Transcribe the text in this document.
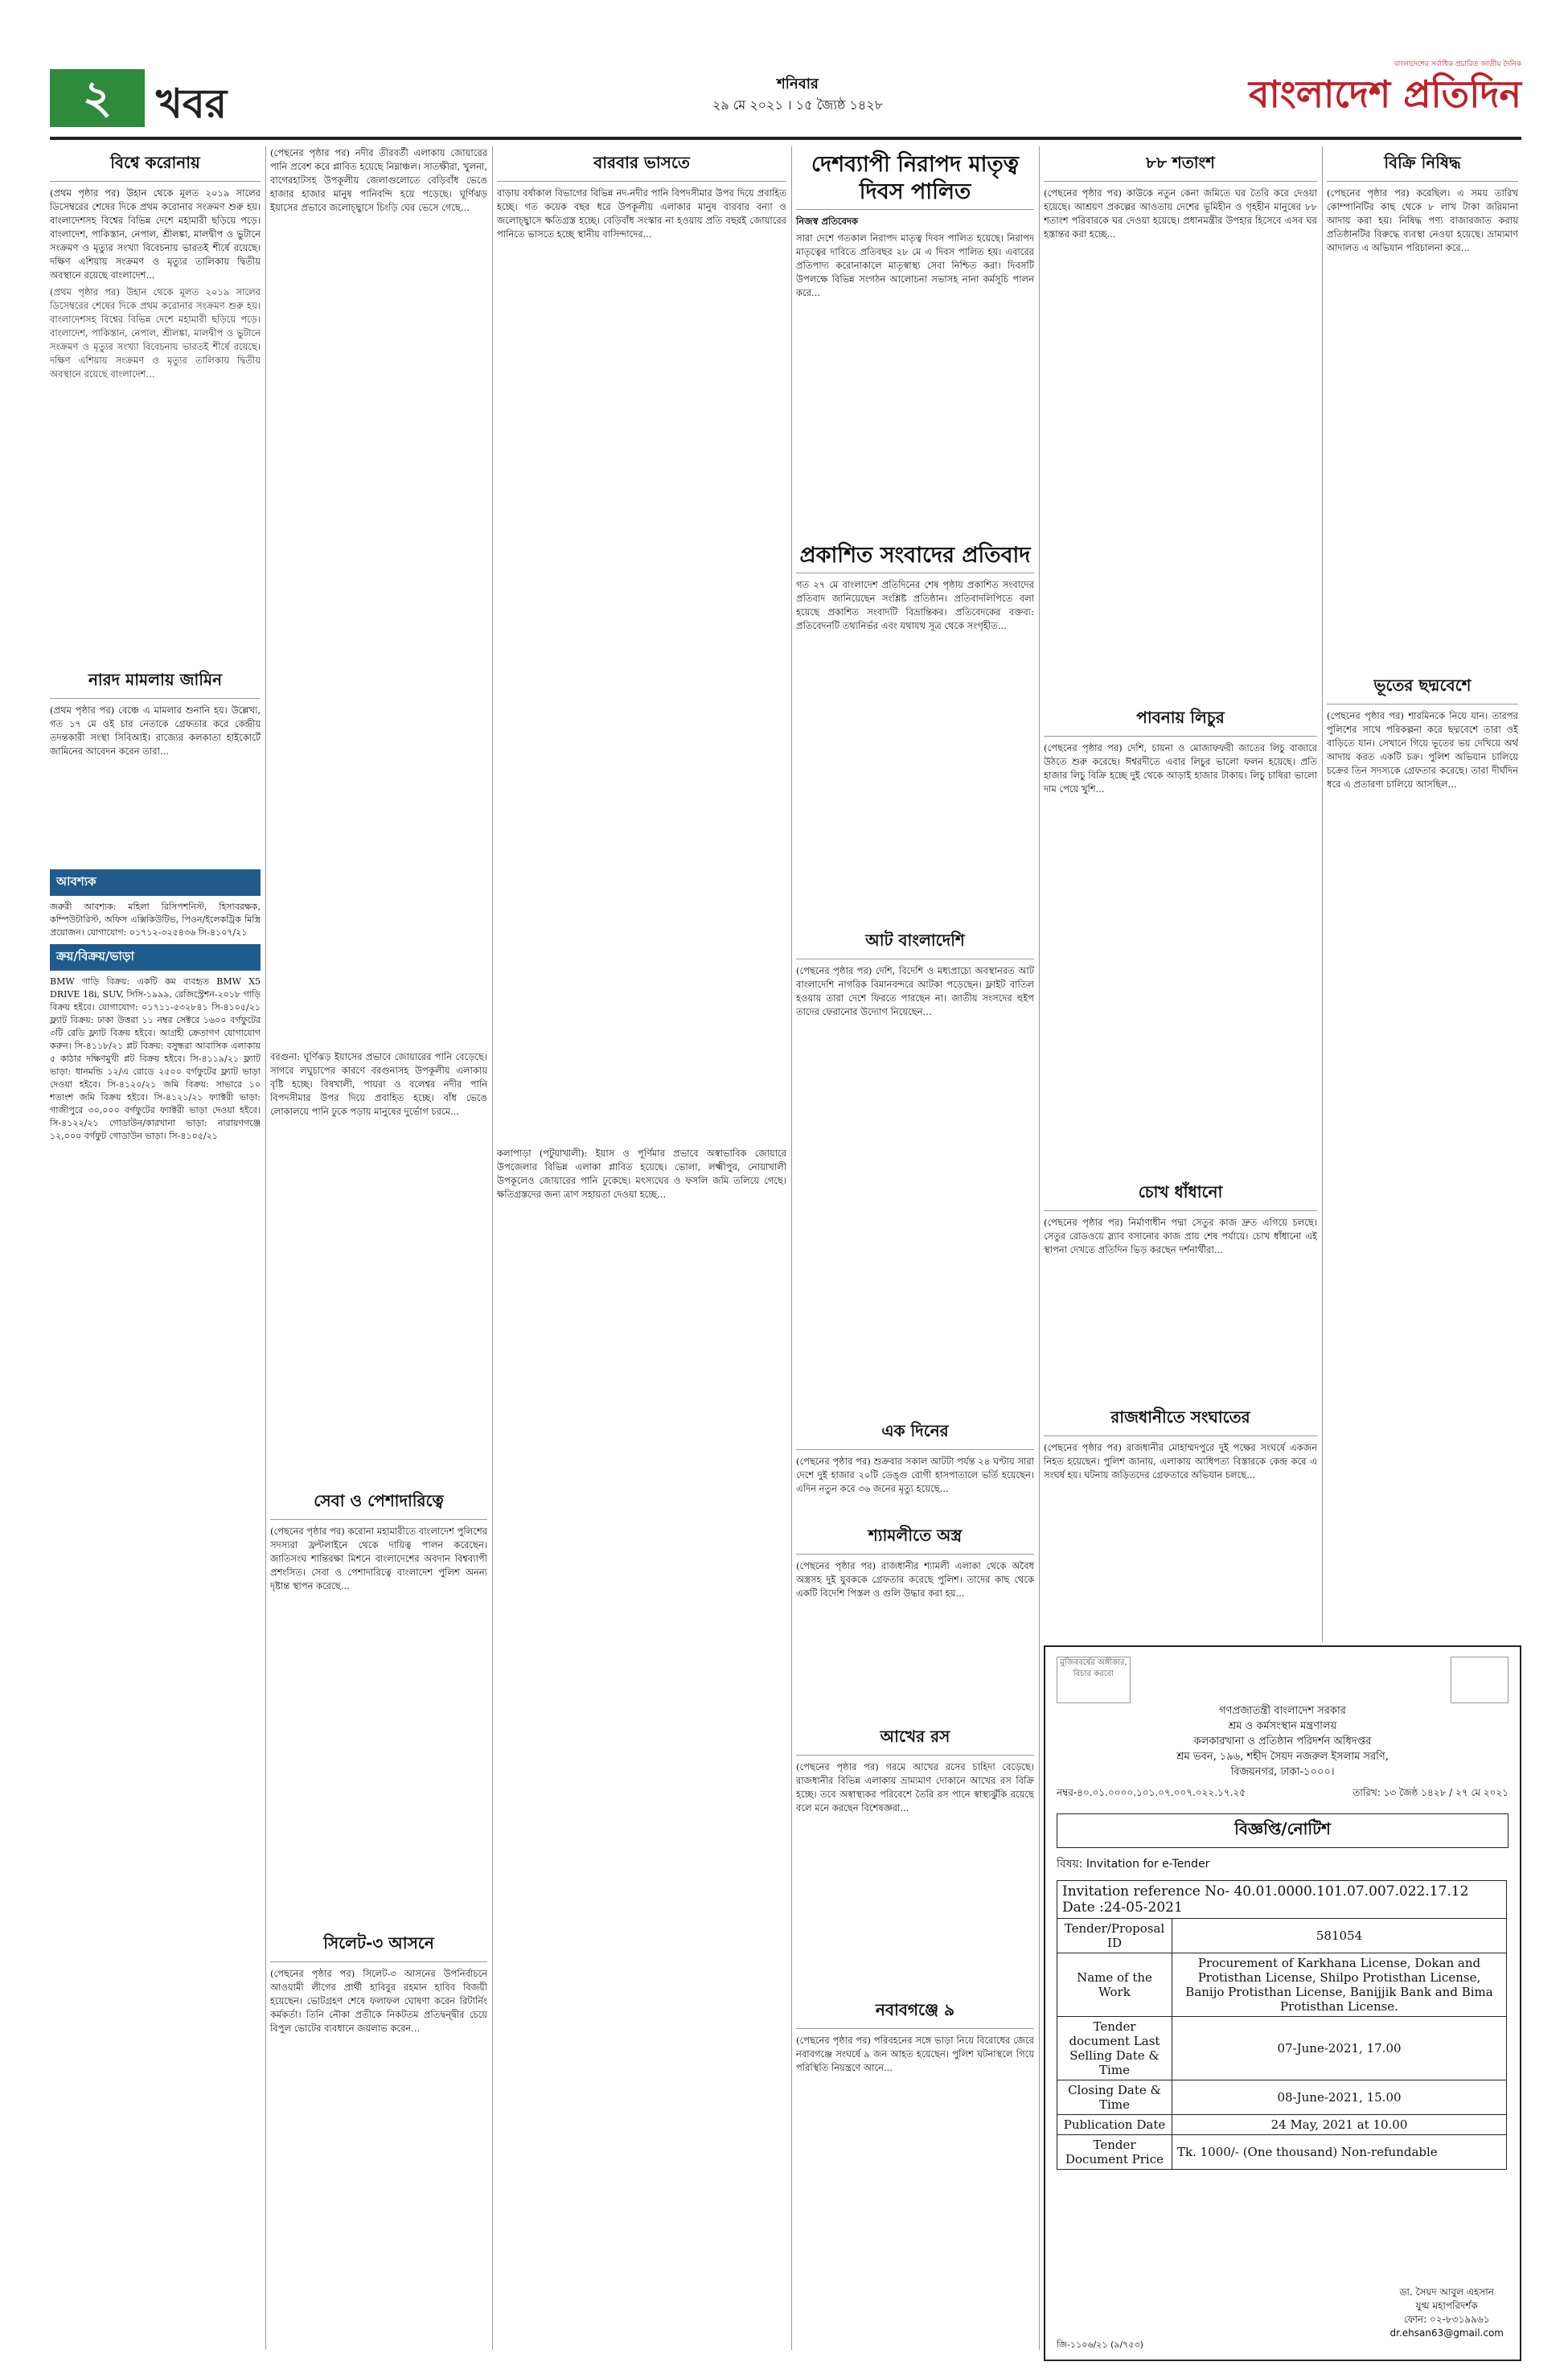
২	খবর	শনিবার
২৯ মে ২০২১ । ১৫ জ্যৈষ্ঠ ১৪২৮
বাংলাদেশের সর্বাধিক প্রচারিত জাতীয় দৈনিক
বাংলাদেশ প্রতিদিন
বিশ্বে করোনায়

(প্রথম পৃষ্ঠার পর) উহান থেকে মূলত ২০১৯ সালের ডিসেম্বরের শেষের দিকে প্রথম করোনার সংক্রমণ শুরু হয়। বাংলাদেশসহ বিশ্বের বিভিন্ন দেশে মহামারী ছড়িয়ে পড়ে। বাংলাদেশ, পাকিস্তান, নেপাল, শ্রীলঙ্কা, মালদ্বীপ ও ভুটানে সংক্রমণ ও মৃত্যুর সংখ্যা বিবেচনায় ভারতই শীর্ষে রয়েছে। দক্ষিণ এশিয়ায় সংক্রমণ ও মৃত্যুর তালিকায় দ্বিতীয় অবস্থানে রয়েছে বাংলাদেশ...

(প্রথম পৃষ্ঠার পর) উহান থেকে মূলত ২০১৯ সালের ডিসেম্বরের শেষের দিকে প্রথম করোনার সংক্রমণ শুরু হয়। বাংলাদেশসহ বিশ্বের বিভিন্ন দেশে মহামারী ছড়িয়ে পড়ে। বাংলাদেশ, পাকিস্তান, নেপাল, শ্রীলঙ্কা, মালদ্বীপ ও ভুটানে সংক্রমণ ও মৃত্যুর সংখ্যা বিবেচনায় ভারতই শীর্ষে রয়েছে। দক্ষিণ এশিয়ায় সংক্রমণ ও মৃত্যুর তালিকায় দ্বিতীয় অবস্থানে রয়েছে বাংলাদেশ...

নারদ মামলায় জামিন

(প্রথম পৃষ্ঠার পর) বেঞ্চে এ মামলার শুনানি হয়। উল্লেখ্য, গত ১৭ মে ওই চার নেতাকে গ্রেফতার করে কেন্দ্রীয় তদন্তকারী সংস্থা সিবিআই। রাজ্যের কলকাতা হাইকোর্টে জামিনের আবেদন করেন তারা...

আবশ্যক

জরুরী আবশ্যক: মহিলা রিসিপশনিস্ট, হিসাবরক্ষক, কম্পিউটারিস্ট, অফিস এক্সিকিউটিভ, পিওন/ইলেকট্রিক মিস্ত্রি প্রয়োজন। যোগাযোগ: ০১৭১২-৩২৫৪৩৬ সি-৪১০৭/২১

ক্রয়/বিক্রয়/ভাড়া

BMW গাড়ি বিক্রয়: একটি কম ব্যবহৃত BMW X5 DRIVE 18i, SUV, সিসি-১৯৯৯, রেজিস্ট্রেশন-২০১৮ গাড়ি বিক্রয় হইবে। যোগাযোগ: ০১৭১১-৫৩২৮৪১ সি-৪১০৫/২১ ফ্ল্যাট বিক্রয়: ঢাকা উত্তরা ১১ নম্বর সেক্টরে ১৬০০ বর্গফুটের ৩টি রেডি ফ্ল্যাট বিক্রয় হইবে। আগ্রহী ক্রেতাগণ যোগাযোগ করুন। সি-৪১১৮/২১ প্লট বিক্রয়: বসুন্ধরা আবাসিক এলাকায় ৫ কাঠার দক্ষিণমুখী প্লট বিক্রয় হইবে। সি-৪১১৯/২১ ফ্ল্যাট ভাড়া: ধানমন্ডি ১২/এ রোডে ২৫০০ বর্গফুটের ফ্ল্যাট ভাড়া দেওয়া হইবে। সি-৪১২০/২১ জমি বিক্রয়: সাভারে ১০ শতাংশ জমি বিক্রয় হইবে। সি-৪১২১/২১ ফ্যাক্টরী ভাড়া: গাজীপুরে ৩০,০০০ বর্গফুটের ফ্যাক্টরী ভাড়া দেওয়া হইবে। সি-৪১২২/২১ গোডাউন/কারখানা ভাড়া: নারায়ণগঞ্জে ১২,০০০ বর্গফুট গোডাউন ভাড়া। সি-৪১০৫/২১

(পেছনের পৃষ্ঠার পর) নদীর তীরবর্তী এলাকায় জোয়ারের পানি প্রবেশ করে প্লাবিত হয়েছে নিম্নাঞ্চল। সাতক্ষীরা, খুলনা, বাগেরহাটসহ উপকূলীয় জেলাগুলোতে বেড়িবাঁধ ভেঙে হাজার হাজার মানুষ পানিবন্দি হয়ে পড়েছে। ঘূর্ণিঝড় ইয়াসের প্রভাবে জলোচ্ছ্বাসে চিংড়ি ঘের ভেসে গেছে...

বরগুনা: ঘূর্ণিঝড় ইয়াসের প্রভাবে জোয়ারের পানি বেড়েছে। সাগরে লঘুচাপের কারণে বরগুনাসহ উপকূলীয় এলাকায় বৃষ্টি হচ্ছে। বিষখালী, পায়রা ও বলেশ্বর নদীর পানি বিপদসীমার উপর দিয়ে প্রবাহিত হচ্ছে। বাঁধ ভেঙে লোকালয়ে পানি ঢুকে পড়ায় মানুষের দুর্ভোগ চরমে...

সেবা ও পেশাদারিত্বে

(পেছনের পৃষ্ঠার পর) করোনা মহামারীতে বাংলাদেশ পুলিশের সদস্যরা ফ্রন্টলাইনে থেকে দায়িত্ব পালন করেছেন। জাতিসংঘ শান্তিরক্ষা মিশনে বাংলাদেশের অবদান বিশ্বব্যাপী প্রশংসিত। সেবা ও পেশাদারিত্বে বাংলাদেশ পুলিশ অনন্য দৃষ্টান্ত স্থাপন করেছে...

সিলেট-৩ আসনে

(পেছনের পৃষ্ঠার পর) সিলেট-৩ আসনের উপনির্বাচনে আওয়ামী লীগের প্রার্থী হাবিবুর রহমান হাবিব বিজয়ী হয়েছেন। ভোটগ্রহণ শেষে ফলাফল ঘোষণা করেন রিটার্নিং কর্মকর্তা। তিনি নৌকা প্রতীকে নিকটতম প্রতিদ্বন্দ্বীর চেয়ে বিপুল ভোটের ব্যবধানে জয়লাভ করেন...

বারবার ভাসতে

বাড়ায় বর্ষাকাল বিভাগের বিভিন্ন নদ-নদীর পানি বিপদসীমার উপর দিয়ে প্রবাহিত হচ্ছে। গত কয়েক বছর ধরে উপকূলীয় এলাকার মানুষ বারবার বন্যা ও জলোচ্ছ্বাসে ক্ষতিগ্রস্ত হচ্ছে। বেড়িবাঁধ সংস্কার না হওয়ায় প্রতি বছরই জোয়ারের পানিতে ভাসতে হচ্ছে স্থানীয় বাসিন্দাদের...

কলাপাড়া (পটুয়াখালী): ইয়াস ও পূর্ণিমার প্রভাবে অস্বাভাবিক জোয়ারে উপজেলার বিভিন্ন এলাকা প্লাবিত হয়েছে। ভোলা, লক্ষ্মীপুর, নোয়াখালী উপকূলেও জোয়ারের পানি ঢুকেছে। মৎস্যঘের ও ফসলি জমি তলিয়ে গেছে। ক্ষতিগ্রস্তদের জন্য ত্রাণ সহায়তা দেওয়া হচ্ছে...

দেশব্যাপী নিরাপদ মাতৃত্ব দিবস পালিত

নিজস্ব প্রতিবেদক

সারা দেশে গতকাল নিরাপদ মাতৃত্ব দিবস পালিত হয়েছে। নিরাপদ মাতৃত্বের দাবিতে প্রতিবছর ২৮ মে এ দিবস পালিত হয়। এবারের প্রতিপাদ্য করোনাকালে মাতৃস্বাস্থ্য সেবা নিশ্চিত করা। দিবসটি উপলক্ষে বিভিন্ন সংগঠন আলোচনা সভাসহ নানা কর্মসূচি পালন করে...

প্রকাশিত সংবাদের প্রতিবাদ

গত ২৭ মে বাংলাদেশ প্রতিদিনের শেষ পৃষ্ঠায় প্রকাশিত সংবাদের প্রতিবাদ জানিয়েছেন সংশ্লিষ্ট প্রতিষ্ঠান। প্রতিবাদলিপিতে বলা হয়েছে প্রকাশিত সংবাদটি বিভ্রান্তিকর। প্রতিবেদকের বক্তব্য: প্রতিবেদনটি তথ্যনির্ভর এবং যথাযথ সূত্র থেকে সংগৃহীত...

আট বাংলাদেশি

(পেছনের পৃষ্ঠার পর) দেশি, বিদেশি ও মধ্যপ্রাচ্যে অবস্থানরত আট বাংলাদেশি নাগরিক বিমানবন্দরে আটকা পড়েছেন। ফ্লাইট বাতিল হওয়ায় তারা দেশে ফিরতে পারছেন না। জাতীয় সংসদের হুইপ তাদের ফেরানোর উদ্যোগ নিয়েছেন...

এক দিনের

(পেছনের পৃষ্ঠার পর) শুক্রবার সকাল আটটা পর্যন্ত ২৪ ঘণ্টায় সারা দেশে দুই হাজার ২০টি ডেঙ্গু রোগী হাসপাতালে ভর্তি হয়েছেন। এদিন নতুন করে ৩৬ জনের মৃত্যু হয়েছে...

শ্যামলীতে অস্ত্র

(পেছনের পৃষ্ঠার পর) রাজধানীর শ্যামলী এলাকা থেকে অবৈধ অস্ত্রসহ দুই যুবককে গ্রেফতার করেছে পুলিশ। তাদের কাছ থেকে একটি বিদেশি পিস্তল ও গুলি উদ্ধার করা হয়...

আখের রস

(পেছনের পৃষ্ঠার পর) গরমে আখের রসের চাহিদা বেড়েছে। রাজধানীর বিভিন্ন এলাকায় ভ্রাম্যমাণ দোকানে আখের রস বিক্রি হচ্ছে। তবে অস্বাস্থ্যকর পরিবেশে তৈরি রস পানে স্বাস্থ্যঝুঁকি রয়েছে বলে মনে করছেন বিশেষজ্ঞরা...

নবাবগঞ্জে ৯

(পেছনের পৃষ্ঠার পর) পরিবহনের সঙ্গে ভাড়া নিয়ে বিরোধের জেরে নবাবগঞ্জে সংঘর্ষে ৯ জন আহত হয়েছেন। পুলিশ ঘটনাস্থলে গিয়ে পরিস্থিতি নিয়ন্ত্রণে আনে...

৮৮ শতাংশ

(পেছনের পৃষ্ঠার পর) কাউকে নতুন কেনা জমিতে ঘর তৈরি করে দেওয়া হয়েছে। আশ্রয়ণ প্রকল্পের আওতায় দেশের ভূমিহীন ও গৃহহীন মানুষের ৮৮ শতাংশ পরিবারকে ঘর দেওয়া হয়েছে। প্রধানমন্ত্রীর উপহার হিসেবে এসব ঘর হস্তান্তর করা হচ্ছে...

পাবনায় লিচুর

(পেছনের পৃষ্ঠার পর) দেশি, চায়না ও মোজাফফরী জাতের লিচু বাজারে উঠতে শুরু করেছে। ঈশ্বরদীতে এবার লিচুর ভালো ফলন হয়েছে। প্রতি হাজার লিচু বিক্রি হচ্ছে দুই থেকে আড়াই হাজার টাকায়। লিচু চাষিরা ভালো দাম পেয়ে খুশি...

চোখ ধাঁধানো

(পেছনের পৃষ্ঠার পর) নির্মাণাধীন পদ্মা সেতুর কাজ দ্রুত এগিয়ে চলছে। সেতুর রোডওয়ে স্ল্যাব বসানোর কাজ প্রায় শেষ পর্যায়ে। চোখ ধাঁধানো এই স্থাপনা দেখতে প্রতিদিন ভিড় করছেন দর্শনার্থীরা...

রাজধানীতে সংঘাতের

(পেছনের পৃষ্ঠার পর) রাজধানীর মোহাম্মদপুরে দুই পক্ষের সংঘর্ষে একজন নিহত হয়েছেন। পুলিশ জানায়, এলাকায় আধিপত্য বিস্তারকে কেন্দ্র করে এ সংঘর্ষ হয়। ঘটনায় জড়িতদের গ্রেফতারে অভিযান চলছে...

বিক্রি নিষিদ্ধ

(পেছনের পৃষ্ঠার পর) করেছিল। এ সময় তারিখ কোম্পানিটির কাছ থেকে ৮ লাখ টাকা জরিমানা আদায় করা হয়। নিষিদ্ধ পণ্য বাজারজাত করায় প্রতিষ্ঠানটির বিরুদ্ধে ব্যবস্থা নেওয়া হয়েছে। ভ্রাম্যমাণ আদালত এ অভিযান পরিচালনা করে...

ভূতের ছদ্মবেশে

(পেছনের পৃষ্ঠার পর) শারমিনকে নিয়ে যান। তারপর পুলিশের সাথে পরিকল্পনা করে ছদ্মবেশে তারা ওই বাড়িতে যান। সেখানে গিয়ে ভূতের ভয় দেখিয়ে অর্থ আদায় করত একটি চক্র। পুলিশ অভিযান চালিয়ে চক্রের তিন সদস্যকে গ্রেফতার করেছে। তারা দীর্ঘদিন ধরে এ প্রতারণা চালিয়ে আসছিল...

মুজিববর্ষের অঙ্গীকার, বিচার করবো
গণপ্রজাতন্ত্রী বাংলাদেশ সরকার
শ্রম ও কর্মসংস্থান মন্ত্রণালয়
কলকারখানা ও প্রতিষ্ঠান পরিদর্শন অধিদপ্তর
শ্রম ভবন, ১৯৬, শহীদ সৈয়দ নজরুল ইসলাম সরণি,
বিজয়নগর, ঢাকা-১০০০।
নম্বর-৪০.০১.০০০০.১০১.০৭.০০৭.০২২.১৭.২৫	তারিখ: ১৩ জৈষ্ঠ ১৪২৮ / ২৭ মে ২০২১
বিজ্ঞপ্তি/নোটিশ
বিষয়: Invitation for e-Tender
Invitation reference No- 40.01.0000.101.07.007.022.17.12 Date :24-05-2021	
Tender/Proposal ID	581054
Name of the Work	Procurement of Karkhana License, Dokan and Protisthan License, Shilpo Protisthan License, Banijo Protisthan License, Banijjik Bank and Bima Protisthan License.
Tender document Last Selling Date & Time	07-June-2021, 17.00
Closing Date & Time	08-June-2021, 15.00
Publication Date	24 May, 2021 at 10.00
Tender Document Price	Tk. 1000/- (One thousand) Non-refundable
ডা. সৈয়দ আবুল এহসান
যুগ্ম মহাপরিদর্শক
ফোন: ০২-৮৩১৯৯৬১
dr.ehsan63@gmail.com
জি-১১০৬/২১ (৯/৭৫৩)
